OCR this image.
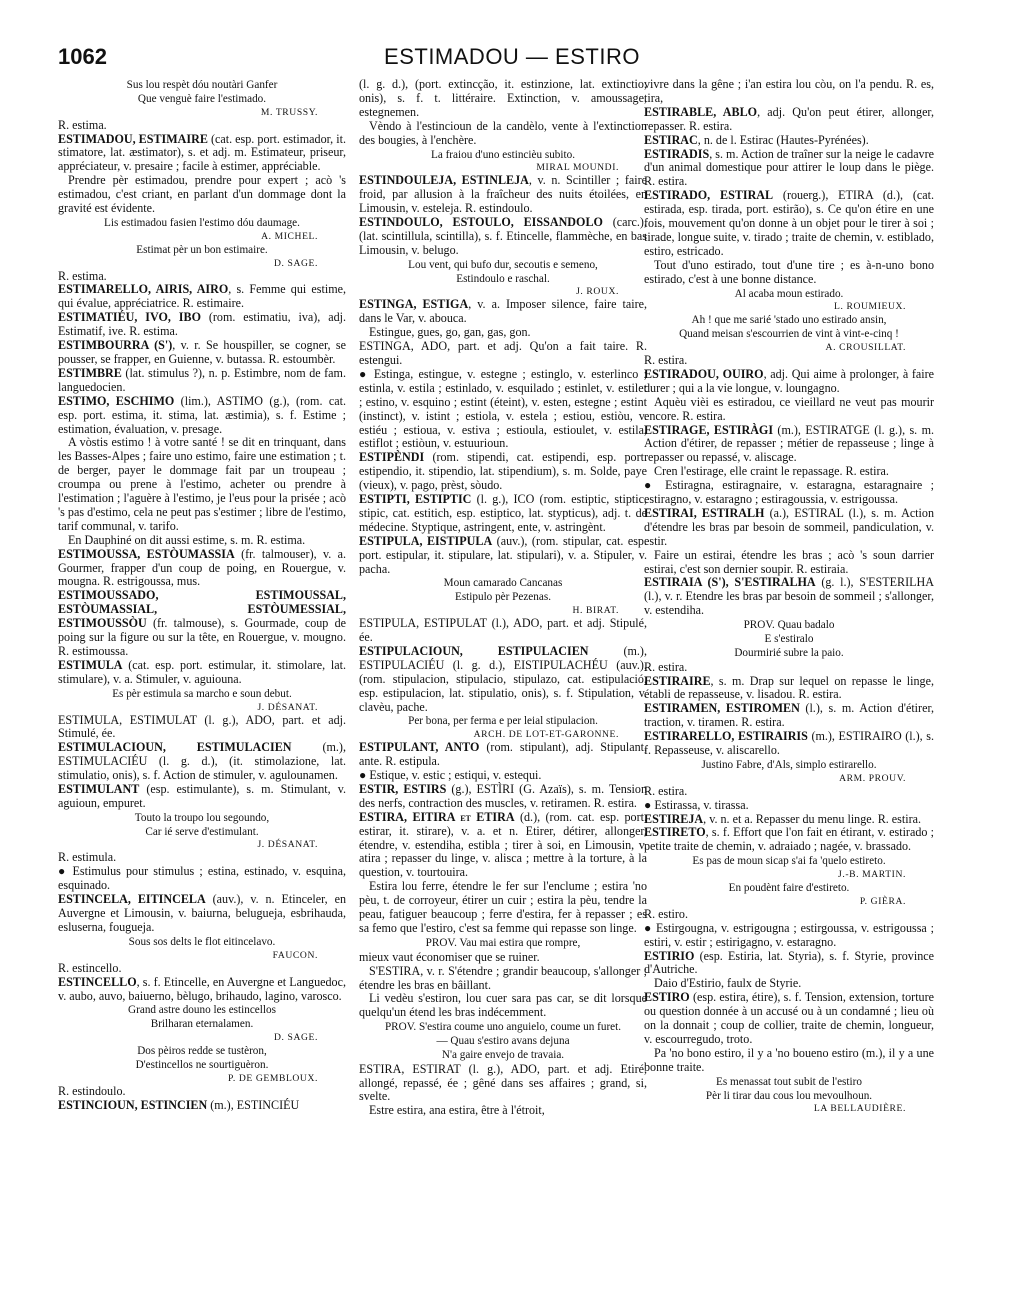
1062	ESTIMADOU — ESTIRO

Sus lou respèt dóu noutàri Ganfer

Que venguè faire l'estimado.

M. TRUSSY.

R. estima.

ESTIMADOU, ESTIMAIRE (cat. esp. port. estimador, it. stimatore, lat. æstimator), s. et adj. m. Estimateur, priseur, appréciateur, v. presaire ; facile à estimer, appréciable.

Prendre pèr estimadou, prendre pour expert ; acò 's estimadou, c'est criant, en parlant d'un dommage dont la gravité est évidente.

Lis estimadou fasien l'estimo dóu daumage.

A. MICHEL.

Estimat pèr un bon estimaire.

D. SAGE.

R. estima.

ESTIMARELLO, AIRIS, AIRO, s. Femme qui estime, qui évalue, appréciatrice. R. estimaire.

ESTIMATIÉU, IVO, IBO (rom. estimatiu, iva), adj. Estimatif, ive. R. estima.

ESTIMBOURRA (S'), v. r. Se houspiller, se cogner, se pousser, se frapper, en Guienne, v. butassa. R. estoumbèr.

ESTIMBRE (lat. stimulus ?), n. p. Estimbre, nom de fam. languedocien.

ESTIMO, ESCHIMO (lim.), ASTIMO (g.), (rom. cat. esp. port. estima, it. stima, lat. æstimia), s. f. Estime ; estimation, évaluation, v. presage.

A vòstis estimo ! à votre santé ! se dit en trinquant, dans les Basses-Alpes ; faire uno estimo, faire une estimation ; t. de berger, payer le dommage fait par un troupeau ; croumpa ou prene à l'estimo, acheter ou prendre à l'estimation ; l'aguère à l'estimo, je l'eus pour la prisée ; acò 's pas d'estimo, cela ne peut pas s'estimer ; libre de l'estimo, tarif communal, v. tarifo.

En Dauphiné on dit aussi estime, s. m. R. estima.

ESTIMOUSSA, ESTÒUMASSIA (fr. talmouser), v. a. Gourmer, frapper d'un coup de poing, en Rouergue, v. mougna. R. estrigoussa, mus.

ESTIMOUSSADO, ESTIMOUSSAL, ESTÒUMASSIAL, ESTÒUMESSIAL, ESTIMOUSSÒU (fr. talmouse), s. Gourmade, coup de poing sur la figure ou sur la tête, en Rouergue, v. mougno. R. estimoussa.

ESTIMULA (cat. esp. port. estimular, it. stimolare, lat. stimulare), v. a. Stimuler, v. aguiouna.

Es pèr estimula sa marcho e soun debut.

J. DÉSANAT.

ESTIMULA, ESTIMULAT (l. g.), ADO, part. et adj. Stimulé, ée.

ESTIMULACIOUN, ESTIMULACIEN (m.), ESTIMULACIÉU (l. g. d.), (it. stimolazione, lat. stimulatio, onis), s. f. Action de stimuler, v. agulounamen.

ESTIMULANT (esp. estimulante), s. m. Stimulant, v. aguioun, empuret.

Touto la troupo lou segoundo,

Car ié serve d'estimulant.

J. DÉSANAT.

R. estimula.

● Estimulus pour stimulus ; estina, estinado, v. esquina, esquinado.

ESTINCELA, EITINCELA (auv.), v. n. Etinceler, en Auvergne et Limousin, v. baiurna, belugueja, esbrihauda, esluserna, fougueja.

Sous sos delts le flot eitincelavo.

FAUCON.

R. estincello.

ESTINCELLO, s. f. Etincelle, en Auvergne et Languedoc, v. aubo, auvo, baiuerno, bèlugo, brihaudo, lagino, varosco.

Grand astre douno les estincellos

Brilharan eternalamen.

D. SAGE.

Dos pèiros redde se tustèron,

D'estincellos ne sourtiguèron.

P. DE GEMBLOUX.

R. estindoulo.

ESTINCIOUN, ESTINCIEN (m.), ESTINCIÉU

(l. g. d.), (port. extincção, it. estinzione, lat. extinctio, onis), s. f. t. littéraire. Extinction, v. amoussage, estegnemen.

Vèndo à l'estincioun de la candèlo, vente à l'extinction des bougies, à l'enchère.

La fraiou d'uno estincièu subito.

MIRAL MOUNDI.

ESTINDOULEJA, ESTINLEJA, v. n. Scintiller ; faire froid, par allusion à la fraîcheur des nuits étoilées, en Limousin, v. esteleja. R. estindoulo.

ESTINDOULO, ESTOULO, EISSANDOLO (carc.), (lat. scintillula, scintilla), s. f. Etincelle, flammèche, en bas Limousin, v. belugo.

Lou vent, qui bufo dur, secoutis e semeno,

Estindoulo e raschal.

J. ROUX.

ESTINGA, ESTIGA, v. a. Imposer silence, faire taire, dans le Var, v. abouca.

Estingue, gues, go, gan, gas, gon.

ESTINGA, ADO, part. et adj. Qu'on a fait taire. R. estengui.

● Estinga, estingue, v. estegne ; estinglo, v. esterlinco ; estinla, v. estila ; estinlado, v. esquilado ; estinlet, v. estilet ; estino, v. esquino ; estint (éteint), v. esten, estegne ; estint (instinct), v. istint ; estiola, v. estela ; estiou, estiòu, v. estiéu ; estioua, v. estiva ; estioula, estioulet, v. estila, estiflot ; estiòun, v. estuurioun.

ESTIPÈNDI (rom. stipendi, cat. estipendi, esp. port. estipendio, it. stipendio, lat. stipendium), s. m. Solde, paye (vieux), v. pago, prèst, sòudo.

ESTIPTI, ESTIPTIC (l. g.), ICO (rom. estiptic, stiptic, stipic, cat. estitich, esp. estiptico, lat. stypticus), adj. t. de médecine. Styptique, astringent, ente, v. astringènt.

ESTIPULA, EISTIPULA (auv.), (rom. stipular, cat. esp. port. estipular, it. stipulare, lat. stipulari), v. a. Stipuler, v. pacha.

Moun camarado Cancanas

Estipulo pèr Pezenas.

H. BIRAT.

ESTIPULA, ESTIPULAT (l.), ADO, part. et adj. Stipulé, ée.

ESTIPULACIOUN, ESTIPULACIEN (m.), ESTIPULACIÉU (l. g. d.), EISTIPULACHÉU (auv.), (rom. stipulacion, stipulacio, stipulazo, cat. estipulació, esp. estipulacion, lat. stipulatio, onis), s. f. Stipulation, v. clavèu, pache.

Per bona, per ferma e per leial stipulacion.

ARCH. DE LOT-ET-GARONNE.

ESTIPULANT, ANTO (rom. stipulant), adj. Stipulant, ante. R. estipula.

● Estique, v. estic ; estiqui, v. estequi.

ESTIR, ESTIRS (g.), ESTÌRI (G. Azaïs), s. m. Tension des nerfs, contraction des muscles, v. retiramen. R. estira.

ESTIRA, EITIRA et ETIRA (d.), (rom. cat. esp. port. estirar, it. stirare), v. a. et n. Etirer, détirer, allonger, étendre, v. estendiha, estibla ; tirer à soi, en Limousin, v. atira ; repasser du linge, v. alisca ; mettre à la torture, à la question, v. tourtouira.

Estira lou ferre, étendre le fer sur l'enclume ; estira 'no pèu, t. de corroyeur, étirer un cuir ; estira la pèu, tendre la peau, fatiguer beaucoup ; ferre d'estira, fer à repasser ; es sa femo que l'estiro, c'est sa femme qui repasse son linge.

PROV. Vau mai estira que rompre,

mieux vaut économiser que se ruiner.

S'ESTIRA, v. r. S'étendre ; grandir beaucoup, s'allonger ; étendre les bras en bâillant.

Li vedèu s'estiron, lou cuer sara pas car, se dit lorsque quelqu'un étend les bras indécemment.

PROV. S'estira coume uno anguielo, coume un furet.

— Quau s'estiro avans dejuna

N'a gaire envejo de travaia.

ESTIRA, ESTIRAT (l. g.), ADO, part. et adj. Etiré, allongé, repassé, ée ; gêné dans ses affaires ; grand, si, svelte.

Estre estira, ana estira, être à l'étroit,

vivre dans la gêne ; i'an estira lou còu, on l'a pendu. R. es, tira,

ESTIRABLE, ABLO, adj. Qu'on peut étirer, allonger, repasser. R. estira.

ESTIRAC, n. de l. Estirac (Hautes-Pyrénées).

ESTIRADIS, s. m. Action de traîner sur la neige le cadavre d'un animal domestique pour attirer le loup dans le piège. R. estira.

ESTIRADO, ESTIRAL (rouerg.), ETIRA (d.), (cat. estirada, esp. tirada, port. estirão), s. Ce qu'on étire en une fois, mouvement qu'on donne à un objet pour le tirer à soi ; tirade, longue suite, v. tirado ; traite de chemin, v. estiblado, estiro, estricado.

Tout d'uno estirado, tout d'une tire ; es à-n-uno bono estirado, c'est à une bonne distance.

Al acaba moun estirado.

L. ROUMIEUX.

Ah ! que me sarié 'stado uno estirado ansin,

Quand meisan s'escourrien de vint à vint-e-cinq !

A. CROUSILLAT.

R. estira.

ESTIRADOU, OUIRO, adj. Qui aime à prolonger, à faire durer ; qui a la vie longue, v. loungagno.

Aquèu vièi es estiradou, ce vieillard ne veut pas mourir encore. R. estira.

ESTIRAGE, ESTIRÀGI (m.), ESTIRATGE (l. g.), s. m. Action d'étirer, de repasser ; métier de repasseuse ; linge à repasser ou repassé, v. aliscage.

Cren l'estirage, elle craint le repassage. R. estira.

● Estiragna, estiragnaire, v. estaragna, estaragnaire ; estiragno, v. estaragno ; estiragoussia, v. estrigoussa.

ESTIRAI, ESTIRALH (a.), ESTIRAL (l.), s. m. Action d'étendre les bras par besoin de sommeil, pandiculation, v. estir.

Faire un estirai, étendre les bras ; acò 's soun darrier estirai, c'est son dernier soupir. R. estiraia.

ESTIRAIA (S'), S'ESTIRALHA (g. l.), S'ESTERILHA (l.), v. r. Etendre les bras par besoin de sommeil ; s'allonger, v. estendiha.

PROV. Quau badalo

E s'estiralo

Dourmirié subre la paio.

R. estira.

ESTIRAIRE, s. m. Drap sur lequel on repasse le linge, établi de repasseuse, v. lisadou. R. estira.

ESTIRAMEN, ESTIROMEN (l.), s. m. Action d'étirer, traction, v. tiramen. R. estira.

ESTIRARELLO, ESTIRAIRIS (m.), ESTIRAIRO (l.), s. f. Repasseuse, v. aliscarello.

Justino Fabre, d'Als, simplo estirarello.

ARM. PROUV.

R. estira.

● Estirassa, v. tirassa.

ESTIREJA, v. n. et a. Repasser du menu linge. R. estira.

ESTIRETO, s. f. Effort que l'on fait en étirant, v. estirado ; petite traite de chemin, v. adraiado ; nagée, v. brassado.

Es pas de moun sicap s'ai fa 'quelo estireto.

J.-B. MARTIN.

En poudènt faire d'estireto.

P. GIÈRA.

R. estiro.

● Estirgougna, v. estrigougna ; estirgoussa, v. estrigoussa ; estiri, v. estir ; estirigagno, v. estaragno.

ESTIRIO (esp. Estiria, lat. Styria), s. f. Styrie, province d'Autriche.

Daio d'Estirio, faulx de Styrie.

ESTIRO (esp. estira, étire), s. f. Tension, extension, torture ou question donnée à un accusé ou à un condamné ; lieu où on la donnait ; coup de collier, traite de chemin, longueur, v. escourregudo, troto.

Pa 'no bono estiro, il y a 'no boueno estiro (m.), il y a une bonne traite.

Es menassat tout subit de l'estiro

Pèr li tirar dau cous lou mevoulhoun.

LA BELLAUDIÈRE.
